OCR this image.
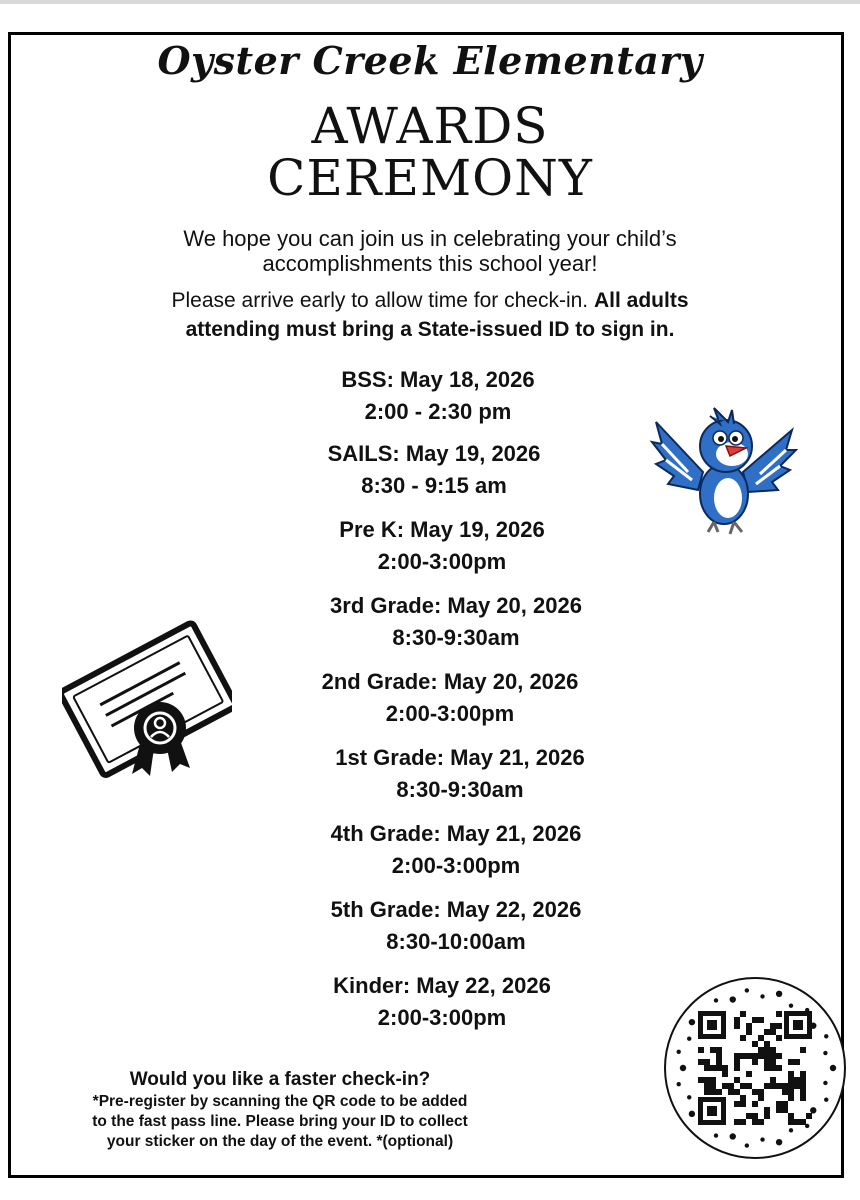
Oyster Creek Elementary
AWARDS
CEREMONY
We hope you can join us in celebrating your child’s
accomplishments this school year!
Please arrive early to allow time for check-in. All adults
attending must bring a State-issued ID to sign in.
BSS: May 18, 2026
2:00 - 2:30 pm
SAILS: May 19, 2026
8:30 - 9:15 am
Pre K: May 19, 2026
2:00-3:00pm
3rd Grade: May 20, 2026
8:30-9:30am
2nd Grade: May 20, 2026
2:00-3:00pm
1st Grade: May 21, 2026
8:30-9:30am
4th Grade: May 21, 2026
2:00-3:00pm
5th Grade: May 22, 2026
8:30-10:00am
Kinder: May 22, 2026
2:00-3:00pm
Would you like a faster check-in?
*Pre-register by scanning the QR code to be added
to the fast pass line. Please bring your ID to collect
your sticker on the day of the event. *(optional)
